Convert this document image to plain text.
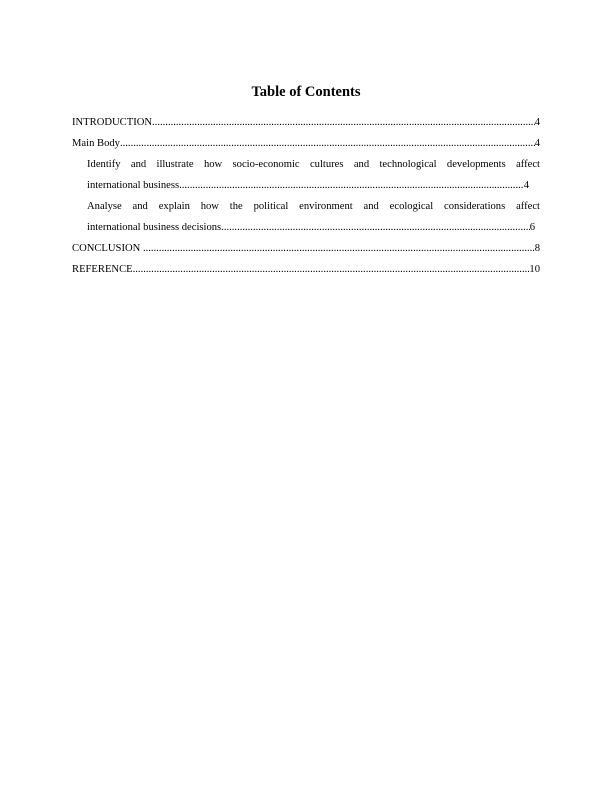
Table of Contents
INTRODUCTION .....	4
Main Body .....	4
Identify and illustrate how socio-economic cultures and technological developments affect
international business .....	4
Analyse and explain how the political environment and ecological considerations affect
international business decisions .....	6
CONCLUSION .....	8
REFERENCE .....	10
